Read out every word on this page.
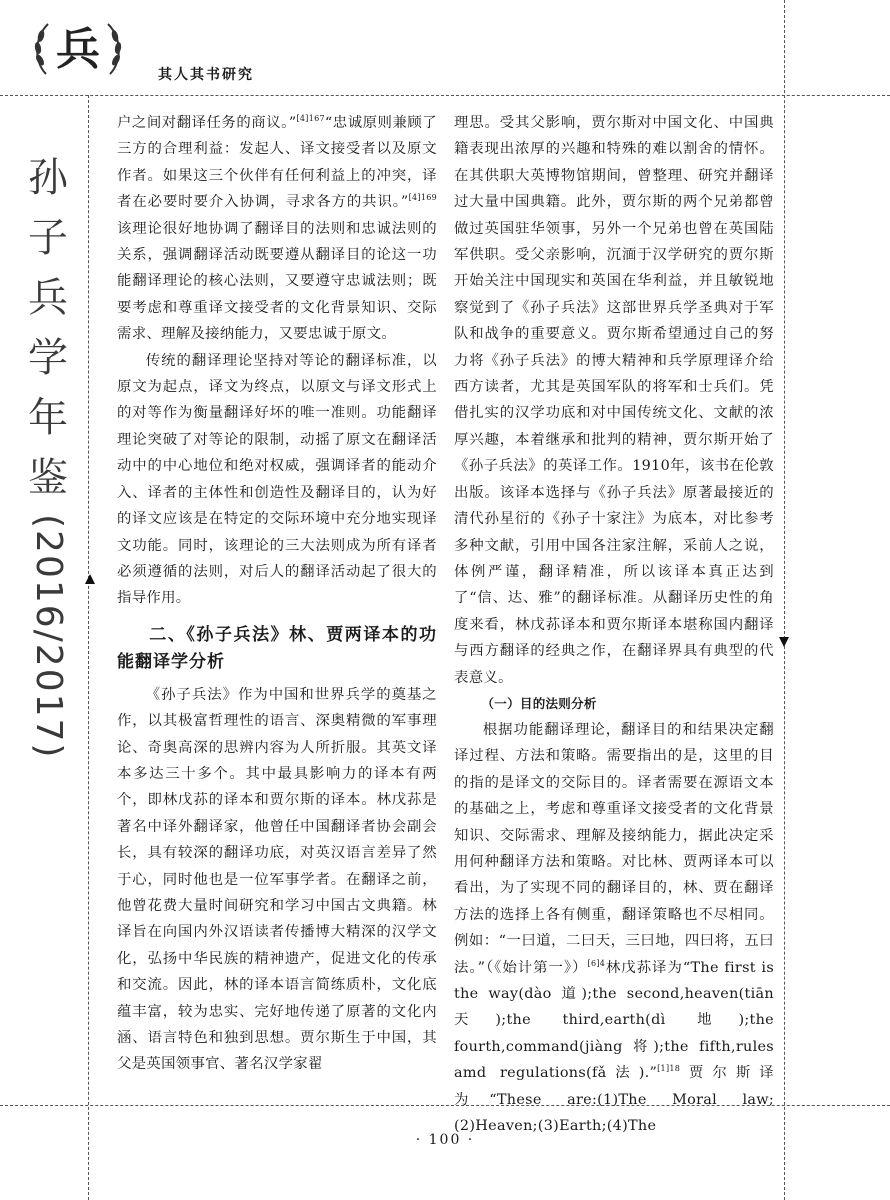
兵	其人其书研究
孙
子
兵
学
年
鉴
(2016/2017)

户之间对翻译任务的商议。”$^{[4]167}$“忠诚原则兼顾了三方的合理利益：发起人、译文接受者以及原文作者。如果这三个伙伴有任何利益上的冲突，译者在必要时要介入协调，寻求各方的共识。”$^{[4]169}$该理论很好地协调了翻译目的法则和忠诚法则的关系，强调翻译活动既要遵从翻译目的论这一功能翻译理论的核心法则，又要遵守忠诚法则；既要考虑和尊重译文接受者的文化背景知识、交际需求、理解及接纳能力，又要忠诚于原文。

传统的翻译理论坚持对等论的翻译标准，以原文为起点，译文为终点，以原文与译文形式上的对等作为衡量翻译好坏的唯一准则。功能翻译理论突破了对等论的限制，动摇了原文在翻译活动中的中心地位和绝对权威，强调译者的能动介入、译者的主体性和创造性及翻译目的，认为好的译文应该是在特定的交际环境中充分地实现译文功能。同时，该理论的三大法则成为所有译者必须遵循的法则，对后人的翻译活动起了很大的指导作用。

二、《孙子兵法》林、贾两译本的功能翻译学分析

《孙子兵法》作为中国和世界兵学的奠基之作，以其极富哲理性的语言、深奥精微的军事理论、奇奥高深的思辨内容为人所折服。其英文译本多达三十多个。其中最具影响力的译本有两个，即林戊荪的译本和贾尔斯的译本。林戊荪是著名中译外翻译家，他曾任中国翻译者协会副会长，具有较深的翻译功底，对英汉语言差异了然于心，同时他也是一位军事学者。在翻译之前，他曾花费大量时间研究和学习中国古文典籍。林译旨在向国内外汉语读者传播博大精深的汉学文化，弘扬中华民族的精神遗产，促进文化的传承和交流。因此，林的译本语言简练质朴，文化底蕴丰富，较为忠实、完好地传递了原著的文化内涵、语言特色和独到思想。贾尔斯生于中国，其父是英国领事官、著名汉学家翟

理思。受其父影响，贾尔斯对中国文化、中国典籍表现出浓厚的兴趣和特殊的难以割舍的情怀。在其供职大英博物馆期间，曾整理、研究并翻译过大量中国典籍。此外，贾尔斯的两个兄弟都曾做过英国驻华领事，另外一个兄弟也曾在英国陆军供职。受父亲影响，沉湎于汉学研究的贾尔斯开始关注中国现实和英国在华利益，并且敏锐地察觉到了《孙子兵法》这部世界兵学圣典对于军队和战争的重要意义。贾尔斯希望通过自己的努力将《孙子兵法》的博大精神和兵学原理译介给西方读者，尤其是英国军队的将军和士兵们。凭借扎实的汉学功底和对中国传统文化、文献的浓厚兴趣，本着继承和批判的精神，贾尔斯开始了《孙子兵法》的英译工作。1910年，该书在伦敦出版。该译本选择与《孙子兵法》原著最接近的清代孙星衍的《孙子十家注》为底本，对比参考多种文献，引用中国各注家注解，采前人之说，体例严谨，翻译精准，所以该译本真正达到了“信、达、雅”的翻译标准。从翻译历史性的角度来看，林戊荪译本和贾尔斯译本堪称国内翻译与西方翻译的经典之作，在翻译界具有典型的代表意义。

（一）目的法则分析

根据功能翻译理论，翻译目的和结果决定翻译过程、方法和策略。需要指出的是，这里的目的指的是译文的交际目的。译者需要在源语文本的基础之上，考虑和尊重译文接受者的文化背景知识、交际需求、理解及接纳能力，据此决定采用何种翻译方法和策略。对比林、贾两译本可以看出，为了实现不同的翻译目的，林、贾在翻译方法的选择上各有侧重，翻译策略也不尽相同。例如：“一曰道，二曰天，三曰地，四曰将，五曰法。”（《始计第一》）$^{[6]4}$林戊荪译为“The first is the way(dào 道);the second,heaven(tiān天);the third,earth(dì 地);the fourth,command(jiàng 将);the fifth,rules amd regulations(fǎ法).”$^{[1]18}$贾尔斯译为“These are:(1)The Moral law;(2)Heaven;(3)Earth;(4)The

· 100 ·
